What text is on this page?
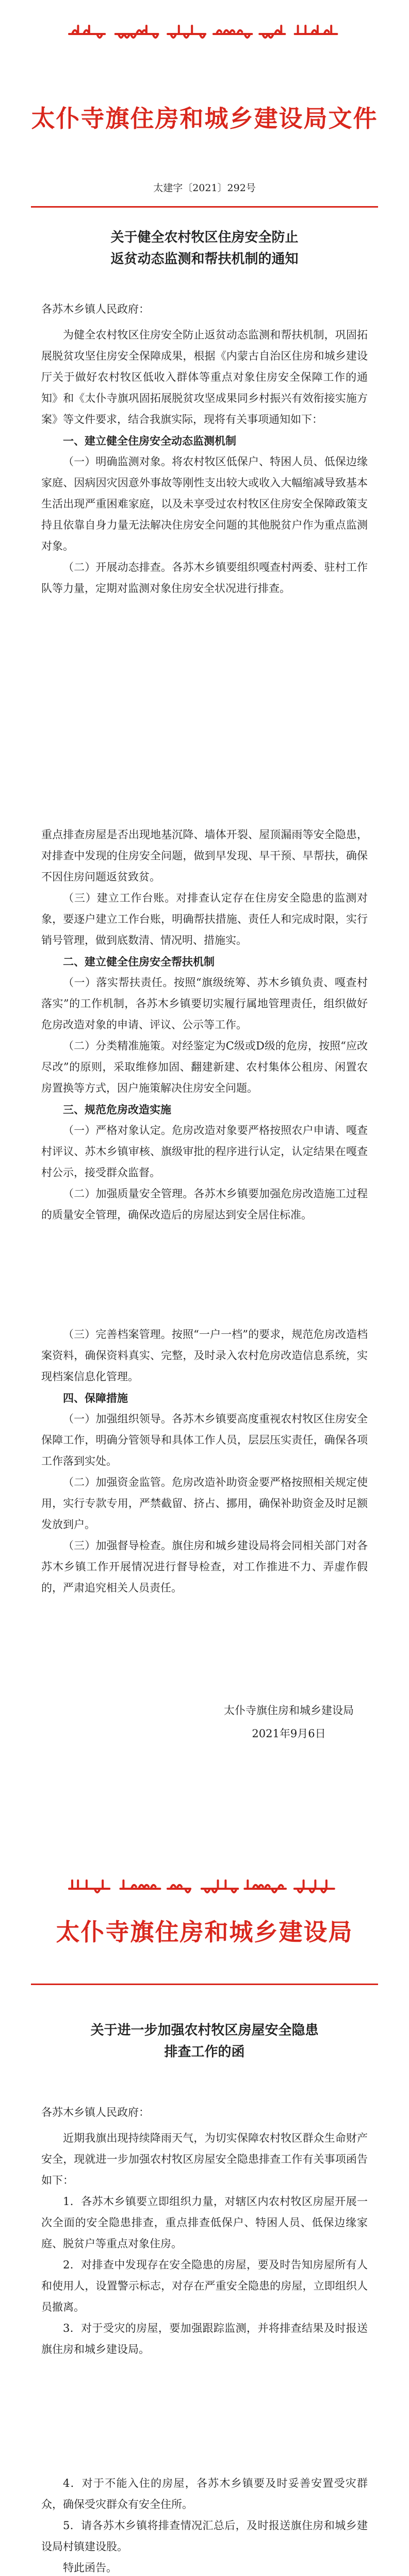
太仆寺旗住房和城乡建设局文件
太建字〔2021〕292号
关于健全农村牧区住房安全防止
返贫动态监测和帮扶机制的通知
各苏木乡镇人民政府：

为健全农村牧区住房安全防止返贫动态监测和帮扶机制，巩固拓展脱贫攻坚住房安全保障成果，根据《内蒙古自治区住房和城乡建设厅关于做好农村牧区低收入群体等重点对象住房安全保障工作的通知》和《太仆寺旗巩固拓展脱贫攻坚成果同乡村振兴有效衔接实施方案》等文件要求，结合我旗实际，现将有关事项通知如下：

一、建立健全住房安全动态监测机制

（一）明确监测对象。将农村牧区低保户、特困人员、低保边缘家庭、因病因灾因意外事故等刚性支出较大或收入大幅缩减导致基本生活出现严重困难家庭，以及未享受过农村牧区住房安全保障政策支持且依靠自身力量无法解决住房安全问题的其他脱贫户作为重点监测对象。

（二）开展动态排查。各苏木乡镇要组织嘎查村两委、驻村工作队等力量，定期对监测对象住房安全状况进行排查。

重点排查房屋是否出现地基沉降、墙体开裂、屋顶漏雨等安全隐患，对排查中发现的住房安全问题，做到早发现、早干预、早帮扶，确保不因住房问题返贫致贫。

（三）建立工作台账。对排查认定存在住房安全隐患的监测对象，要逐户建立工作台账，明确帮扶措施、责任人和完成时限，实行销号管理，做到底数清、情况明、措施实。

二、建立健全住房安全帮扶机制

（一）落实帮扶责任。按照“旗级统筹、苏木乡镇负责、嘎查村落实”的工作机制，各苏木乡镇要切实履行属地管理责任，组织做好危房改造对象的申请、评议、公示等工作。

（二）分类精准施策。对经鉴定为C级或D级的危房，按照“应改尽改”的原则，采取维修加固、翻建新建、农村集体公租房、闲置农房置换等方式，因户施策解决住房安全问题。

三、规范危房改造实施

（一）严格对象认定。危房改造对象要严格按照农户申请、嘎查村评议、苏木乡镇审核、旗级审批的程序进行认定，认定结果在嘎查村公示，接受群众监督。

（二）加强质量安全管理。各苏木乡镇要加强危房改造施工过程的质量安全管理，确保改造后的房屋达到安全居住标准。

（三）完善档案管理。按照“一户一档”的要求，规范危房改造档案资料，确保资料真实、完整，及时录入农村危房改造信息系统，实现档案信息化管理。

四、保障措施

（一）加强组织领导。各苏木乡镇要高度重视农村牧区住房安全保障工作，明确分管领导和具体工作人员，层层压实责任，确保各项工作落到实处。

（二）加强资金监管。危房改造补助资金要严格按照相关规定使用，实行专款专用，严禁截留、挤占、挪用，确保补助资金及时足额发放到户。

（三）加强督导检查。旗住房和城乡建设局将会同相关部门对各苏木乡镇工作开展情况进行督导检查，对工作推进不力、弄虚作假的，严肃追究相关人员责任。

太仆寺旗住房和城乡建设局
2021年9月6日
太仆寺旗住房和城乡建设局
关于进一步加强农村牧区房屋安全隐患
排查工作的函
各苏木乡镇人民政府：

近期我旗出现持续降雨天气，为切实保障农村牧区群众生命财产安全，现就进一步加强农村牧区房屋安全隐患排查工作有关事项函告如下：

1．各苏木乡镇要立即组织力量，对辖区内农村牧区房屋开展一次全面的安全隐患排查，重点排查低保户、特困人员、低保边缘家庭、脱贫户等重点对象住房。

2．对排查中发现存在安全隐患的房屋，要及时告知房屋所有人和使用人，设置警示标志，对存在严重安全隐患的房屋，立即组织人员撤离。

3．对于受灾的房屋，要加强跟踪监测，并将排查结果及时报送旗住房和城乡建设局。

4．对于不能入住的房屋，各苏木乡镇要及时妥善安置受灾群众，确保受灾群众有安全住所。

5．请各苏木乡镇将排查情况汇总后，及时报送旗住房和城乡建设局村镇建设股。

特此函告。
